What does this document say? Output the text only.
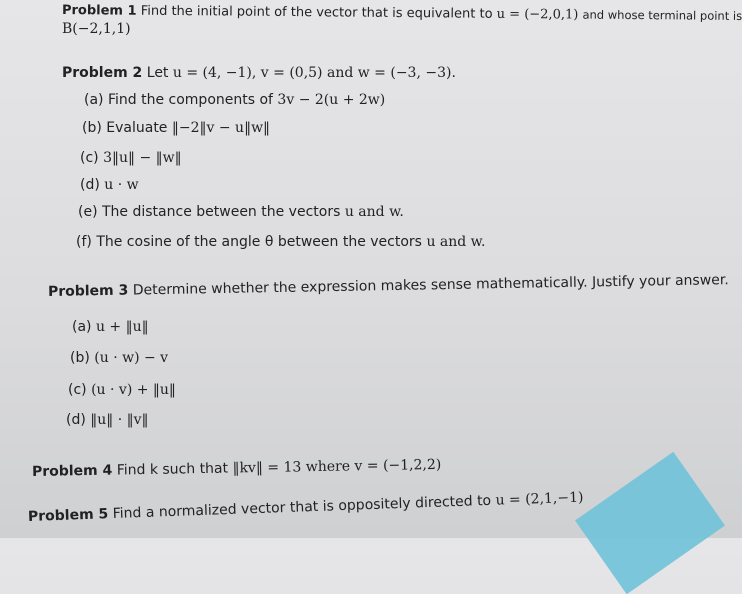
Problem 1 Find the initial point of the vector that is equivalent to u = (−2,0,1) and whose terminal point is
B(−2,1,1)
Problem 2 Let u = (4, −1), v = (0,5) and w = (−3, −3).
(a) Find the components of 3v − 2(u + 2w)
(b) Evaluate ‖−2‖v − u‖w‖
(c) 3‖u‖ − ‖w‖
(d) u · w
(e) The distance between the vectors u and w.
(f) The cosine of the angle θ between the vectors u and w.
Problem 3 Determine whether the expression makes sense mathematically. Justify your answer.
(a) u + ‖u‖
(b) (u · w) − v
(c) (u · v) + ‖u‖
(d) ‖u‖ · ‖v‖
Problem 4 Find k such that ‖kv‖ = 13 where v = (−1,2,2)
Problem 5 Find a normalized vector that is oppositely directed to u = (2,1,−1)
